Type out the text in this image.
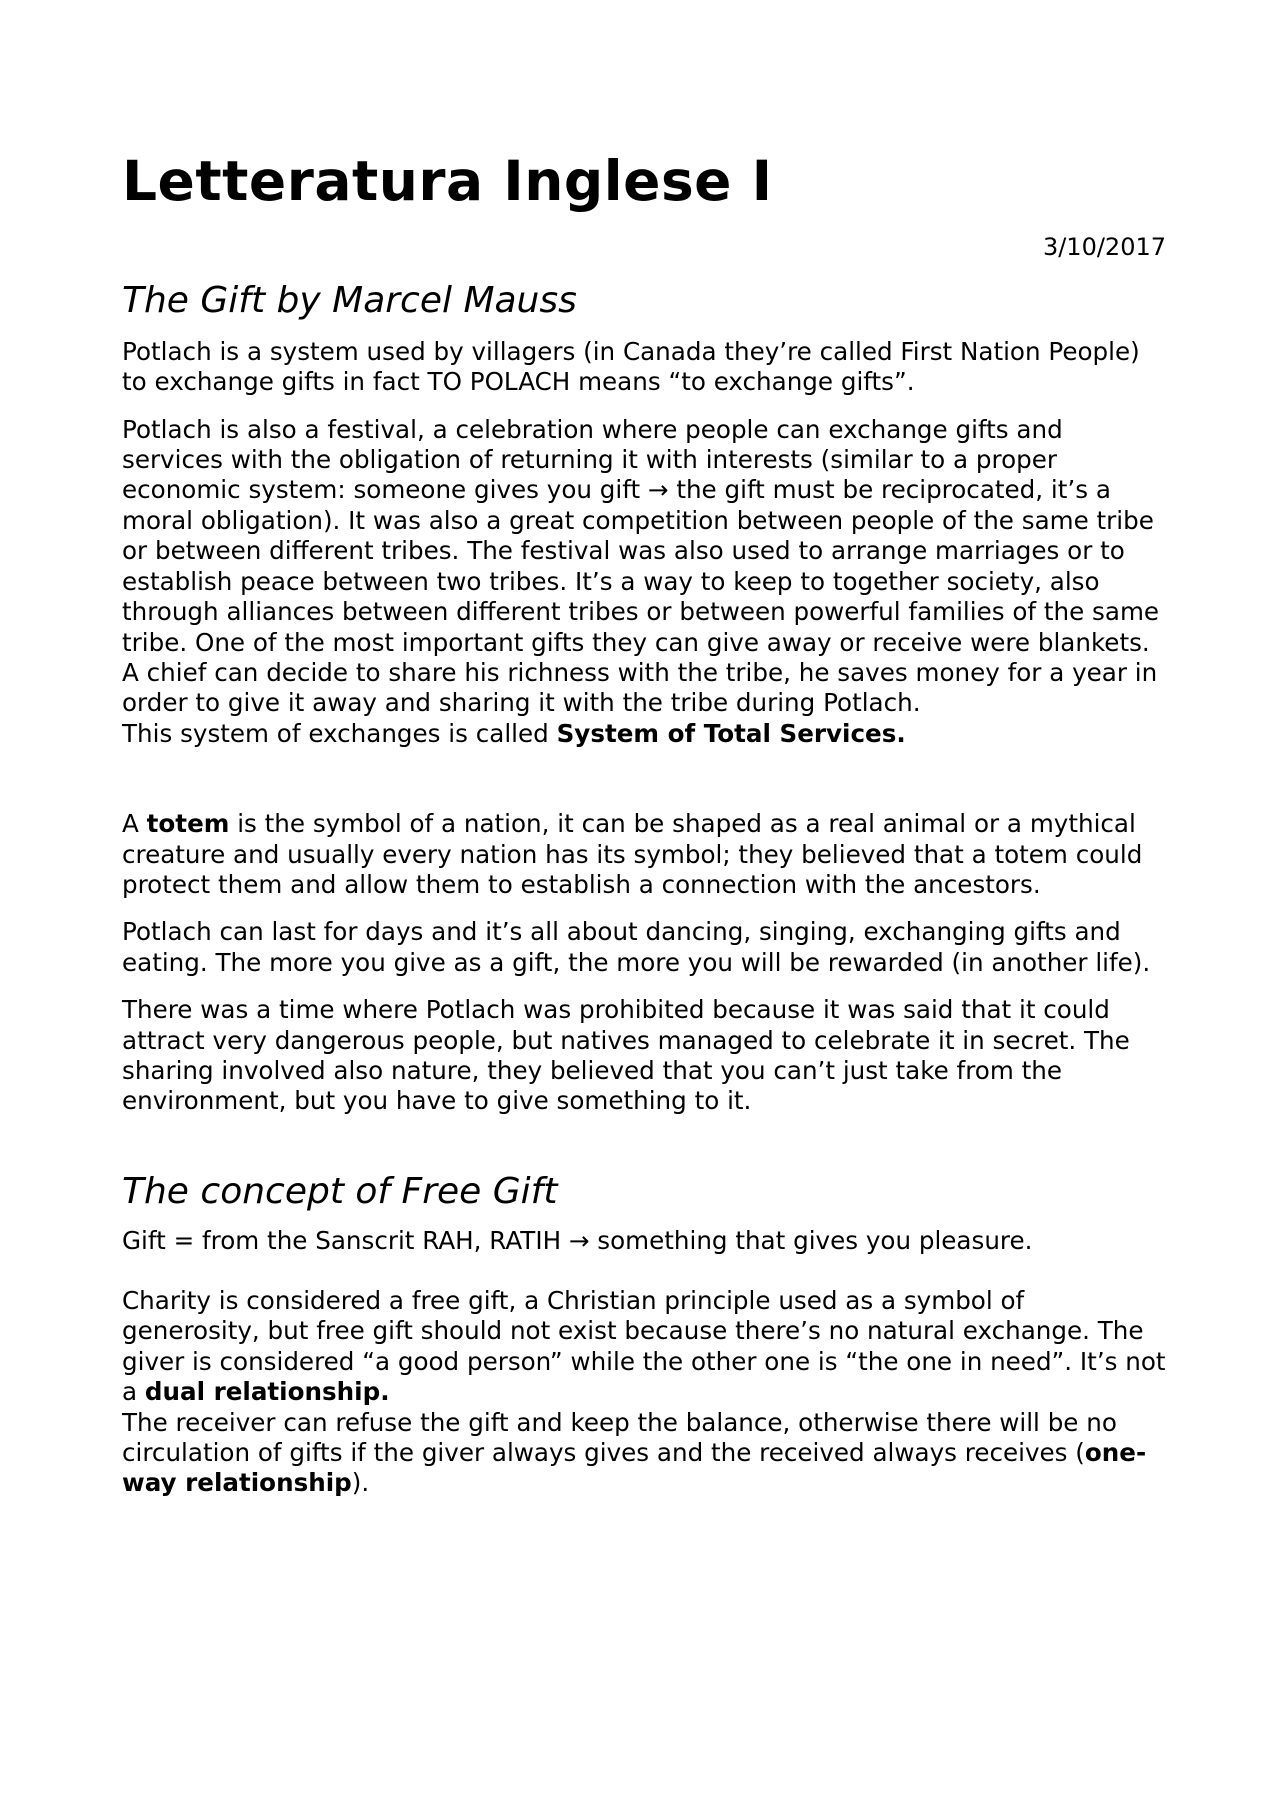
Letteratura Inglese I
3/10/2017
The Gift by Marcel Mauss

Potlach is a system used by villagers (in Canada they’re called First Nation People) to exchange gifts in fact TO POLACH means “to exchange gifts”.

Potlach is also a festival, a celebration where people can exchange gifts and services with the obligation of returning it with interests (similar to a proper economic system: someone gives you gift → the gift must be reciprocated, it’s a moral obligation). It was also a great competition between people of the same tribe or between different tribes. The festival was also used to arrange marriages or to establish peace between two tribes. It’s a way to keep to together society, also through alliances between different tribes or between powerful families of the same tribe. One of the most important gifts they can give away or receive were blankets. A chief can decide to share his richness with the tribe, he saves money for a year in order to give it away and sharing it with the tribe during Potlach.

This system of exchanges is called System of Total Services.

A totem is the symbol of a nation, it can be shaped as a real animal or a mythical creature and usually every nation has its symbol; they believed that a totem could protect them and allow them to establish a connection with the ancestors.

Potlach can last for days and it’s all about dancing, singing, exchanging gifts and eating. The more you give as a gift, the more you will be rewarded (in another life).

There was a time where Potlach was prohibited because it was said that it could attract very dangerous people, but natives managed to celebrate it in secret. The sharing involved also nature, they believed that you can’t just take from the environment, but you have to give something to it.

The concept of Free Gift

Gift = from the Sanscrit RAH, RATIH → something that gives you pleasure.

Charity is considered a free gift, a Christian principle used as a symbol of generosity, but free gift should not exist because there’s no natural exchange. The giver is considered “a good person” while the other one is “the one in need”. It’s not a dual relationship.

The receiver can refuse the gift and keep the balance, otherwise there will be no circulation of gifts if the giver always gives and the received always receives (one-way relationship).
